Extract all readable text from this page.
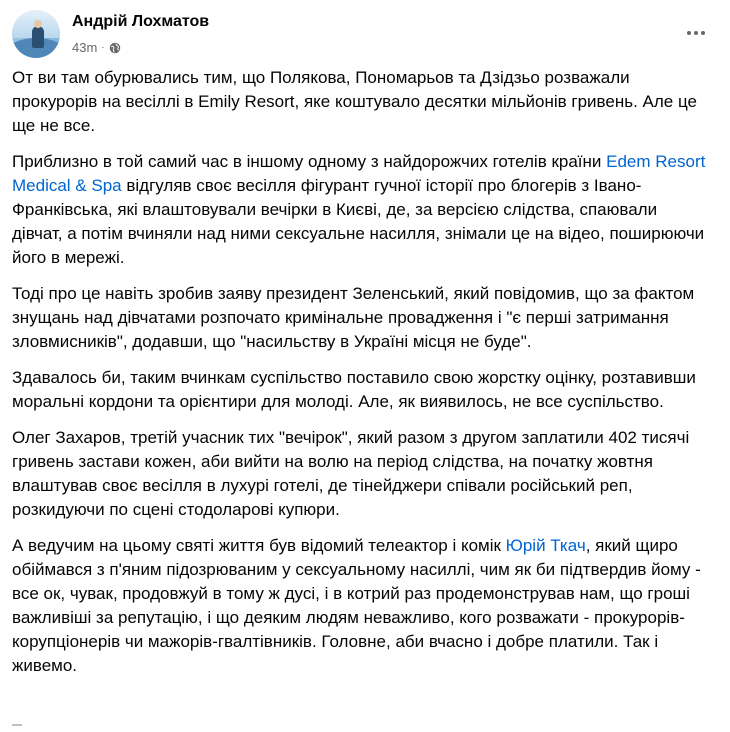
Андрій Лохматов
43m ·

От ви там обурювались тим, що Полякова, Пономарьов та Дзідзьо розважали прокурорів на весіллі в Emily Resort, яке коштувало десятки мільйонів гривень. Але це ще не все.

Приблизно в той самий час в іншому одному з найдорожчих готелів країни Edem Resort Medical & Spa відгуляв своє весілля фігурант гучної історії про блогерів з Івано-Франківська, які влаштовували вечірки в Києві, де, за версією слідства, спаювали дівчат, а потім вчиняли над ними сексуальне насилля, знімали це на відео, поширюючи його в мережі.

Тоді про це навіть зробив заяву президент Зеленський, який повідомив, що за фактом знущань над дівчатами розпочато кримінальне провадження і "є перші затримання зловмисників", додавши, що "насильству в Україні місця не буде".

Здавалось би, таким вчинкам суспільство поставило свою жорстку оцінку, розтавивши моральні кордони та орієнтири для молоді. Але, як виявилось, не все суспільство.

Олег Захаров, третій учасник тих "вечірок", який разом з другом заплатили 402 тисячі гривень застави кожен, аби вийти на волю на період слідства, на початку жовтня влаштував своє весілля в лухурі готелі, де тінейджери співали російський реп, розкидуючи по сцені стодоларові купюри.

А ведучим на цьому святі життя був відомий телеактор і комік Юрій Ткач, який щиро обіймався з п'яним підозрюваним у сексуальному насиллі, чим як би підтвердив йому - все ок, чувак, продовжуй в тому ж дусі, і в котрий раз продемонстрував нам, що гроші важливіші за репутацію, і що деяким людям неважливо, кого розважати - прокурорів-корупціонерів чи мажорів-гвалтівників. Головне, аби вчасно і добре платили. Так і живемо.
